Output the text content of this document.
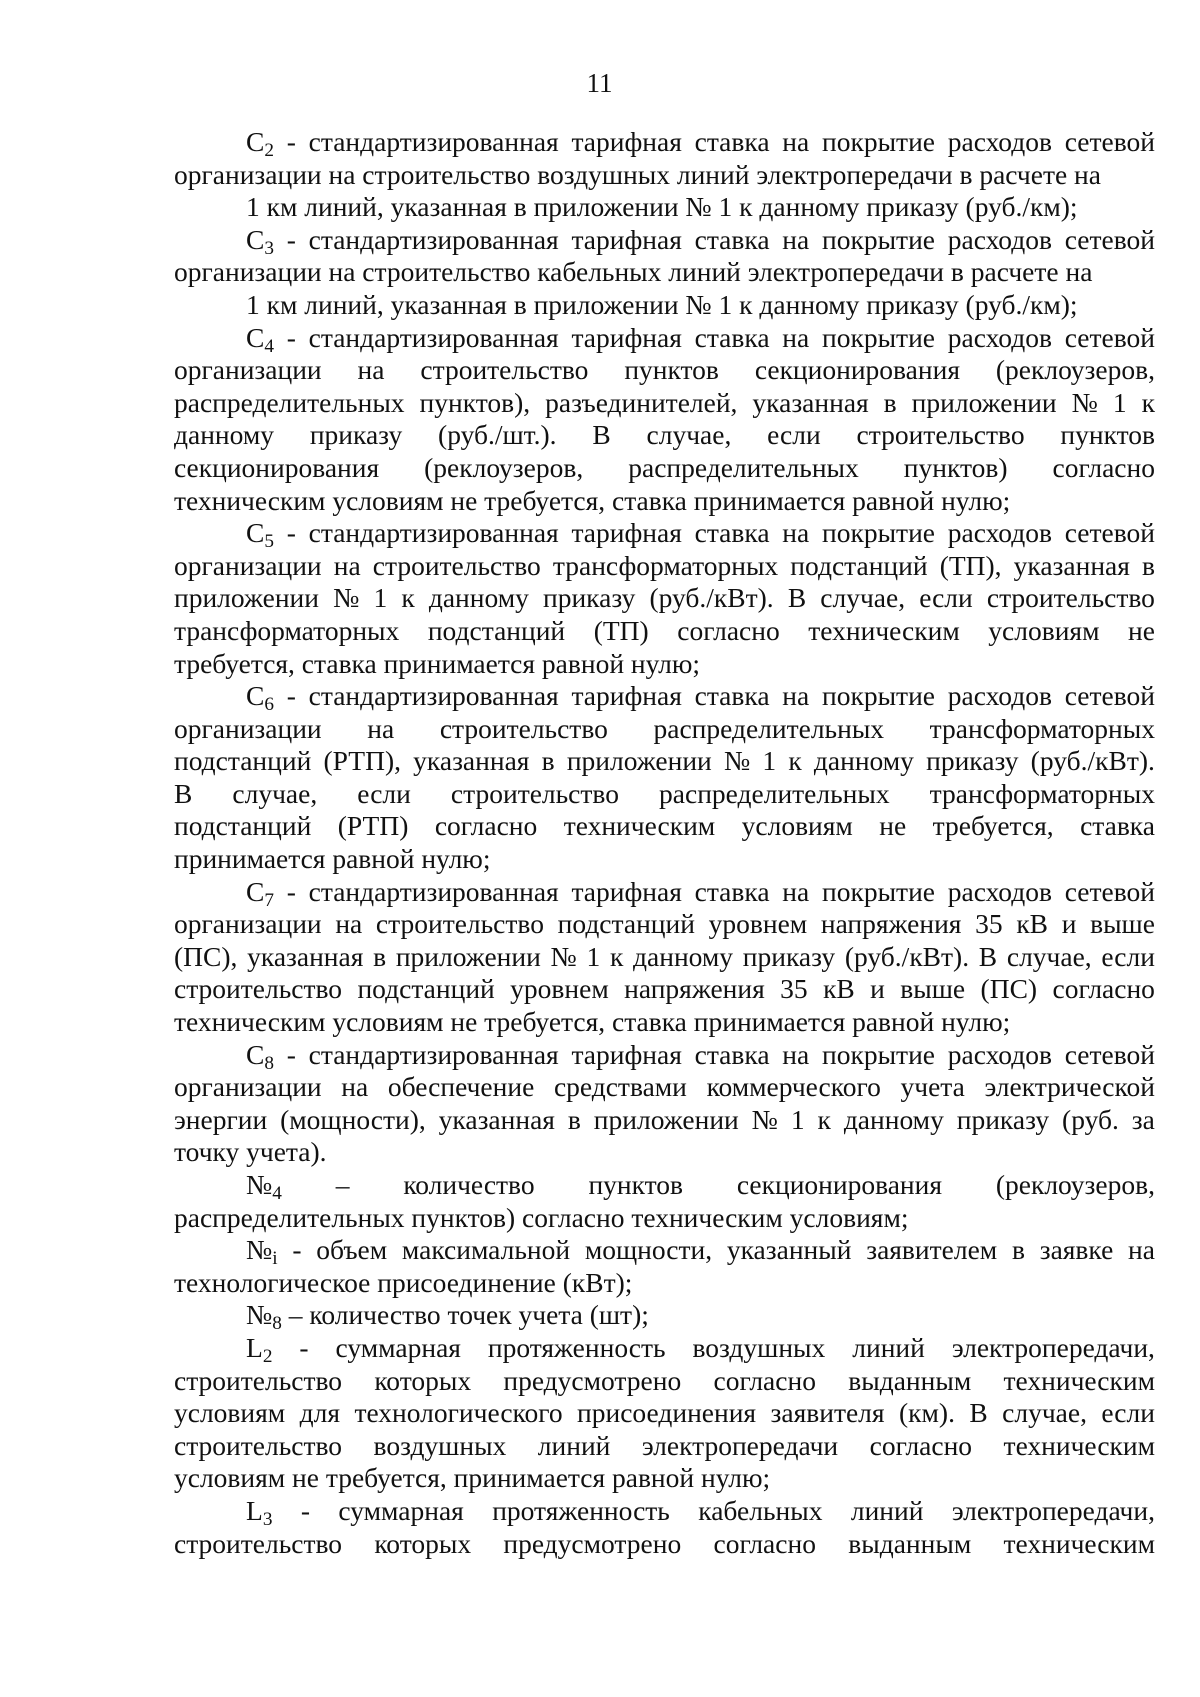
11
$C_2$ - стандартизированная тарифная ставка на покрытие расходов сетевой
организации на строительство воздушных линий электропередачи в расчете на
1 км линий, указанная в приложении № 1 к данному приказу (руб./км);
$C_3$ - стандартизированная тарифная ставка на покрытие расходов сетевой
организации на строительство кабельных линий электропередачи в расчете на
1 км линий, указанная в приложении № 1 к данному приказу (руб./км);
$C_4$ - стандартизированная тарифная ставка на покрытие расходов сетевой
организации на строительство пунктов секционирования (реклоузеров,
распределительных пунктов), разъединителей, указанная в приложении № 1 к
данному приказу (руб./шт.). В случае, если строительство пунктов
секционирования (реклоузеров, распределительных пунктов) согласно
техническим условиям не требуется, ставка принимается равной нулю;
$C_5$ - стандартизированная тарифная ставка на покрытие расходов сетевой
организации на строительство трансформаторных подстанций (ТП), указанная в
приложении № 1 к данному приказу (руб./кВт). В случае, если строительство
трансформаторных подстанций (ТП) согласно техническим условиям не
требуется, ставка принимается равной нулю;
$C_6$ - стандартизированная тарифная ставка на покрытие расходов сетевой
организации на строительство распределительных трансформаторных
подстанций (РТП), указанная в приложении № 1 к данному приказу (руб./кВт).
В случае, если строительство распределительных трансформаторных
подстанций (РТП) согласно техническим условиям не требуется, ставка
принимается равной нулю;
$C_7$ - стандартизированная тарифная ставка на покрытие расходов сетевой
организации на строительство подстанций уровнем напряжения 35 кВ и выше
(ПС), указанная в приложении № 1 к данному приказу (руб./кВт). В случае, если
строительство подстанций уровнем напряжения 35 кВ и выше (ПС) согласно
техническим условиям не требуется, ставка принимается равной нулю;
$C_8$ - стандартизированная тарифная ставка на покрытие расходов сетевой
организации на обеспечение средствами коммерческого учета электрической
энергии (мощности), указанная в приложении № 1 к данному приказу (руб. за
точку учета).
$№_4$ – количество пунктов секционирования (реклоузеров,
распределительных пунктов) согласно техническим условиям;
$№_i$ - объем максимальной мощности, указанный заявителем в заявке на
технологическое присоединение (кВт);
$№_8$ – количество точек учета (шт);
$L_2$ - суммарная протяженность воздушных линий электропередачи,
строительство которых предусмотрено согласно выданным техническим
условиям для технологического присоединения заявителя (км). В случае, если
строительство воздушных линий электропередачи согласно техническим
условиям не требуется, принимается равной нулю;
$L_3$ - суммарная протяженность кабельных линий электропередачи,
строительство которых предусмотрено согласно выданным техническим
